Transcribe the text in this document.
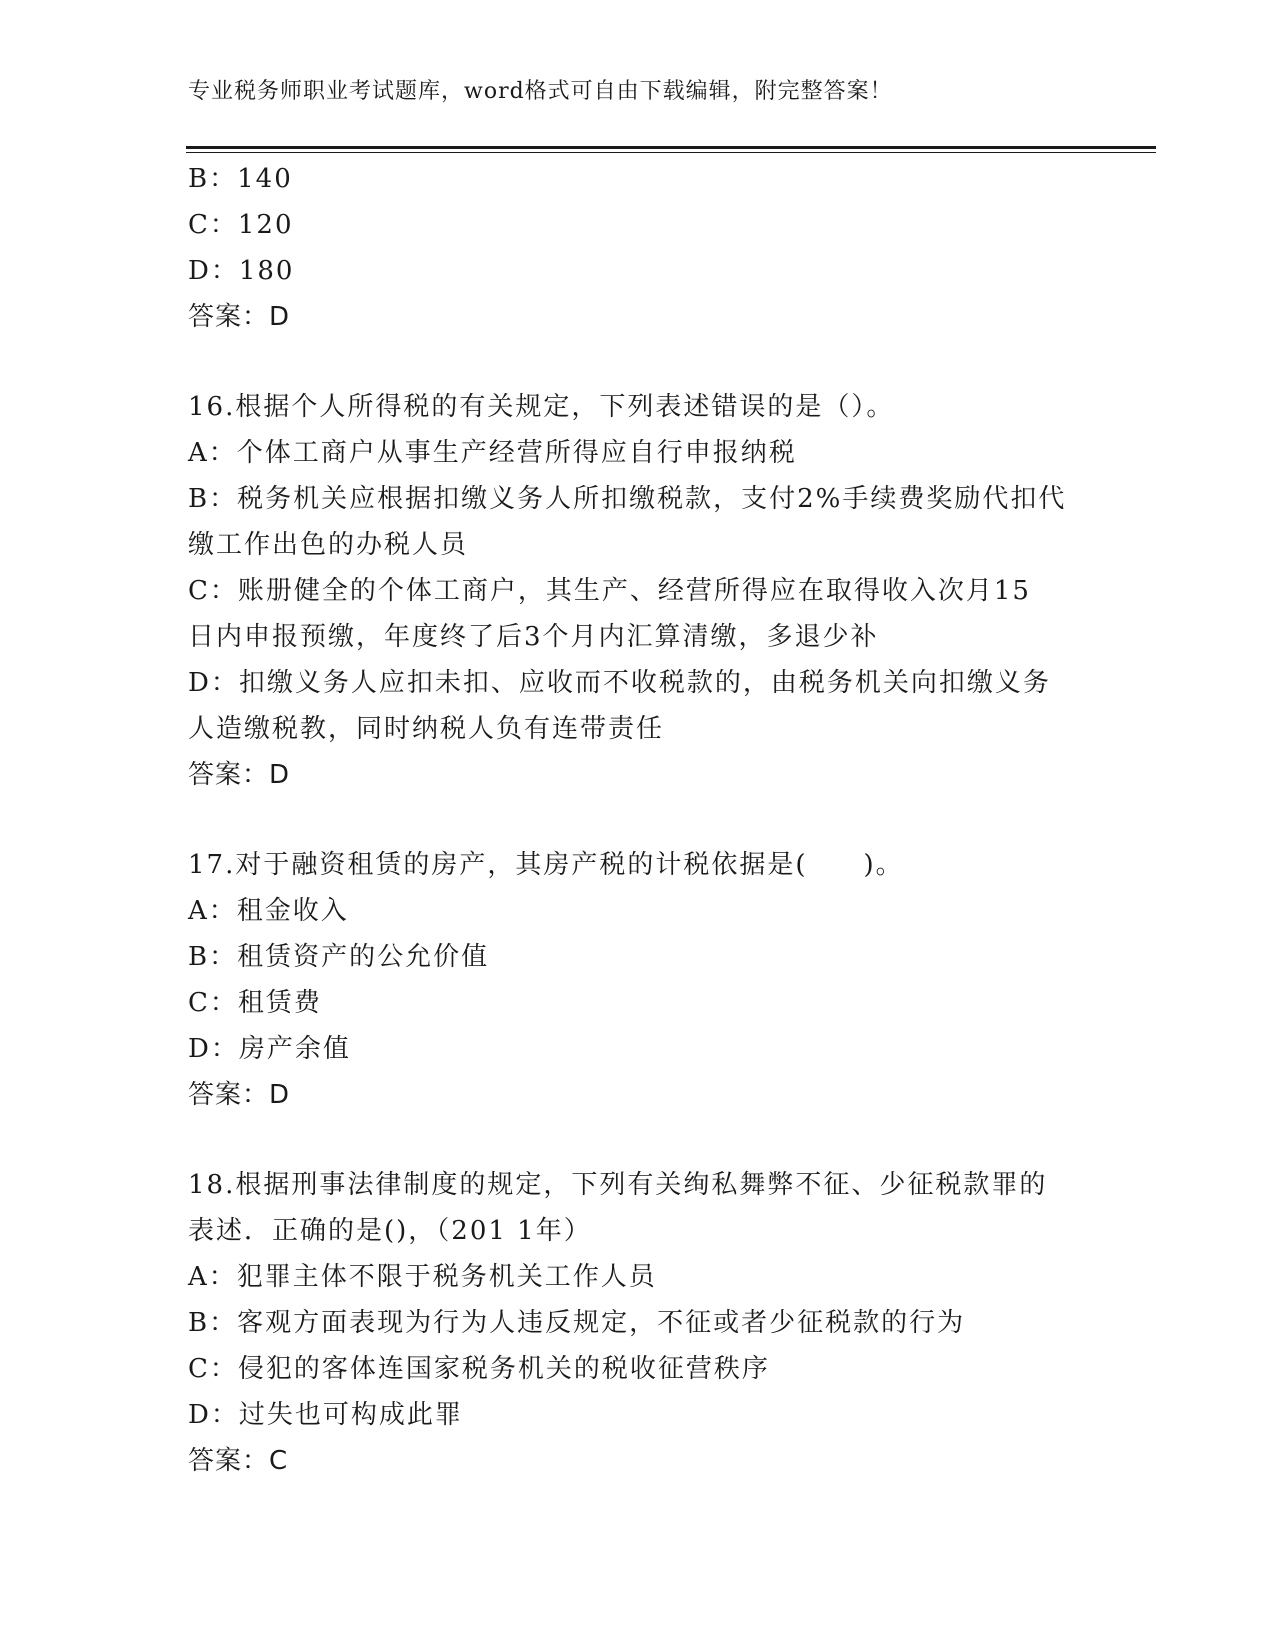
专业税务师职业考试题库，word格式可自由下载编辑，附完整答案！
B：140
C：120
D：180
答案：D
16.根据个人所得税的有关规定，下列表述错误的是（）。
A：个体工商户从事生产经营所得应自行申报纳税
B：税务机关应根据扣缴义务人所扣缴税款，支付2%手续费奖励代扣代
缴工作出色的办税人员
C：账册健全的个体工商户，其生产、经营所得应在取得收入次月15
日内申报预缴，年度终了后3个月内汇算清缴，多退少补
D：扣缴义务人应扣未扣、应收而不收税款的，由税务机关向扣缴义务
人造缴税教，同时纳税人负有连带责任
答案：D
17.对于融资租赁的房产，其房产税的计税依据是(　　)。
A：租金收入
B：租赁资产的公允价值
C：租赁费
D：房产余值
答案：D
18.根据刑事法律制度的规定，下列有关绚私舞弊不征、少征税款罪的
表述．正确的是()，（201 1年）
A：犯罪主体不限于税务机关工作人员
B：客观方面表现为行为人违反规定，不征或者少征税款的行为
C：侵犯的客体连国家税务机关的税收征营秩序
D：过失也可构成此罪
答案：C
